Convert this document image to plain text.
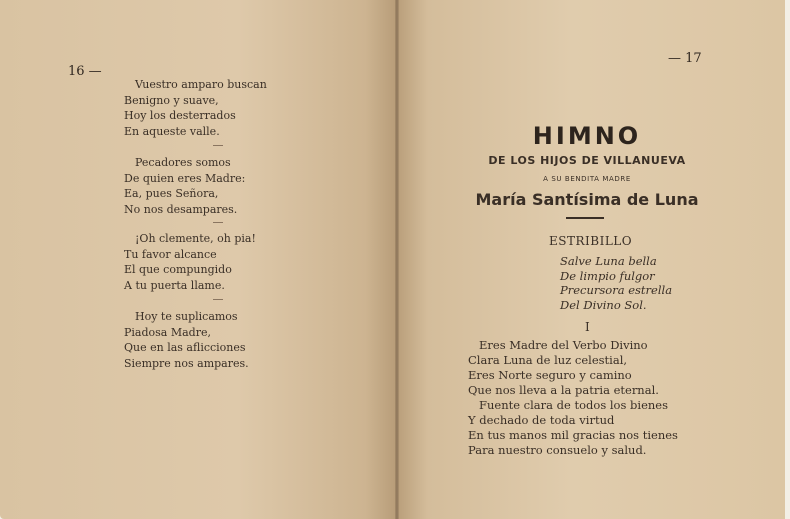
16 —
Vuestro amparo buscan
Benigno y suave,
Hoy los desterrados
En aqueste valle.
Pecadores somos
De quien eres Madre:
Ea, pues Señora,
No nos desampares.
¡Oh clemente, oh pia!
Tu favor alcance
El que compungido
A tu puerta llame.
Hoy te suplicamos
Piadosa Madre,
Que en las aflicciones
Siempre nos ampares.
— 17
HIMNO
DE LOS HIJOS DE VILLANUEVA
A SU BENDITA MADRE
María Santísima de Luna
ESTRIBILLO
Salve Luna bella
De limpio fulgor
Precursora estrella
Del Divino Sol.
I
Eres Madre del Verbo Divino
Clara Luna de luz celestial,
Eres Norte seguro y camino
Que nos lleva a la patria eternal.
Fuente clara de todos los bienes
Y dechado de toda virtud
En tus manos mil gracias nos tienes
Para nuestro consuelo y salud.
